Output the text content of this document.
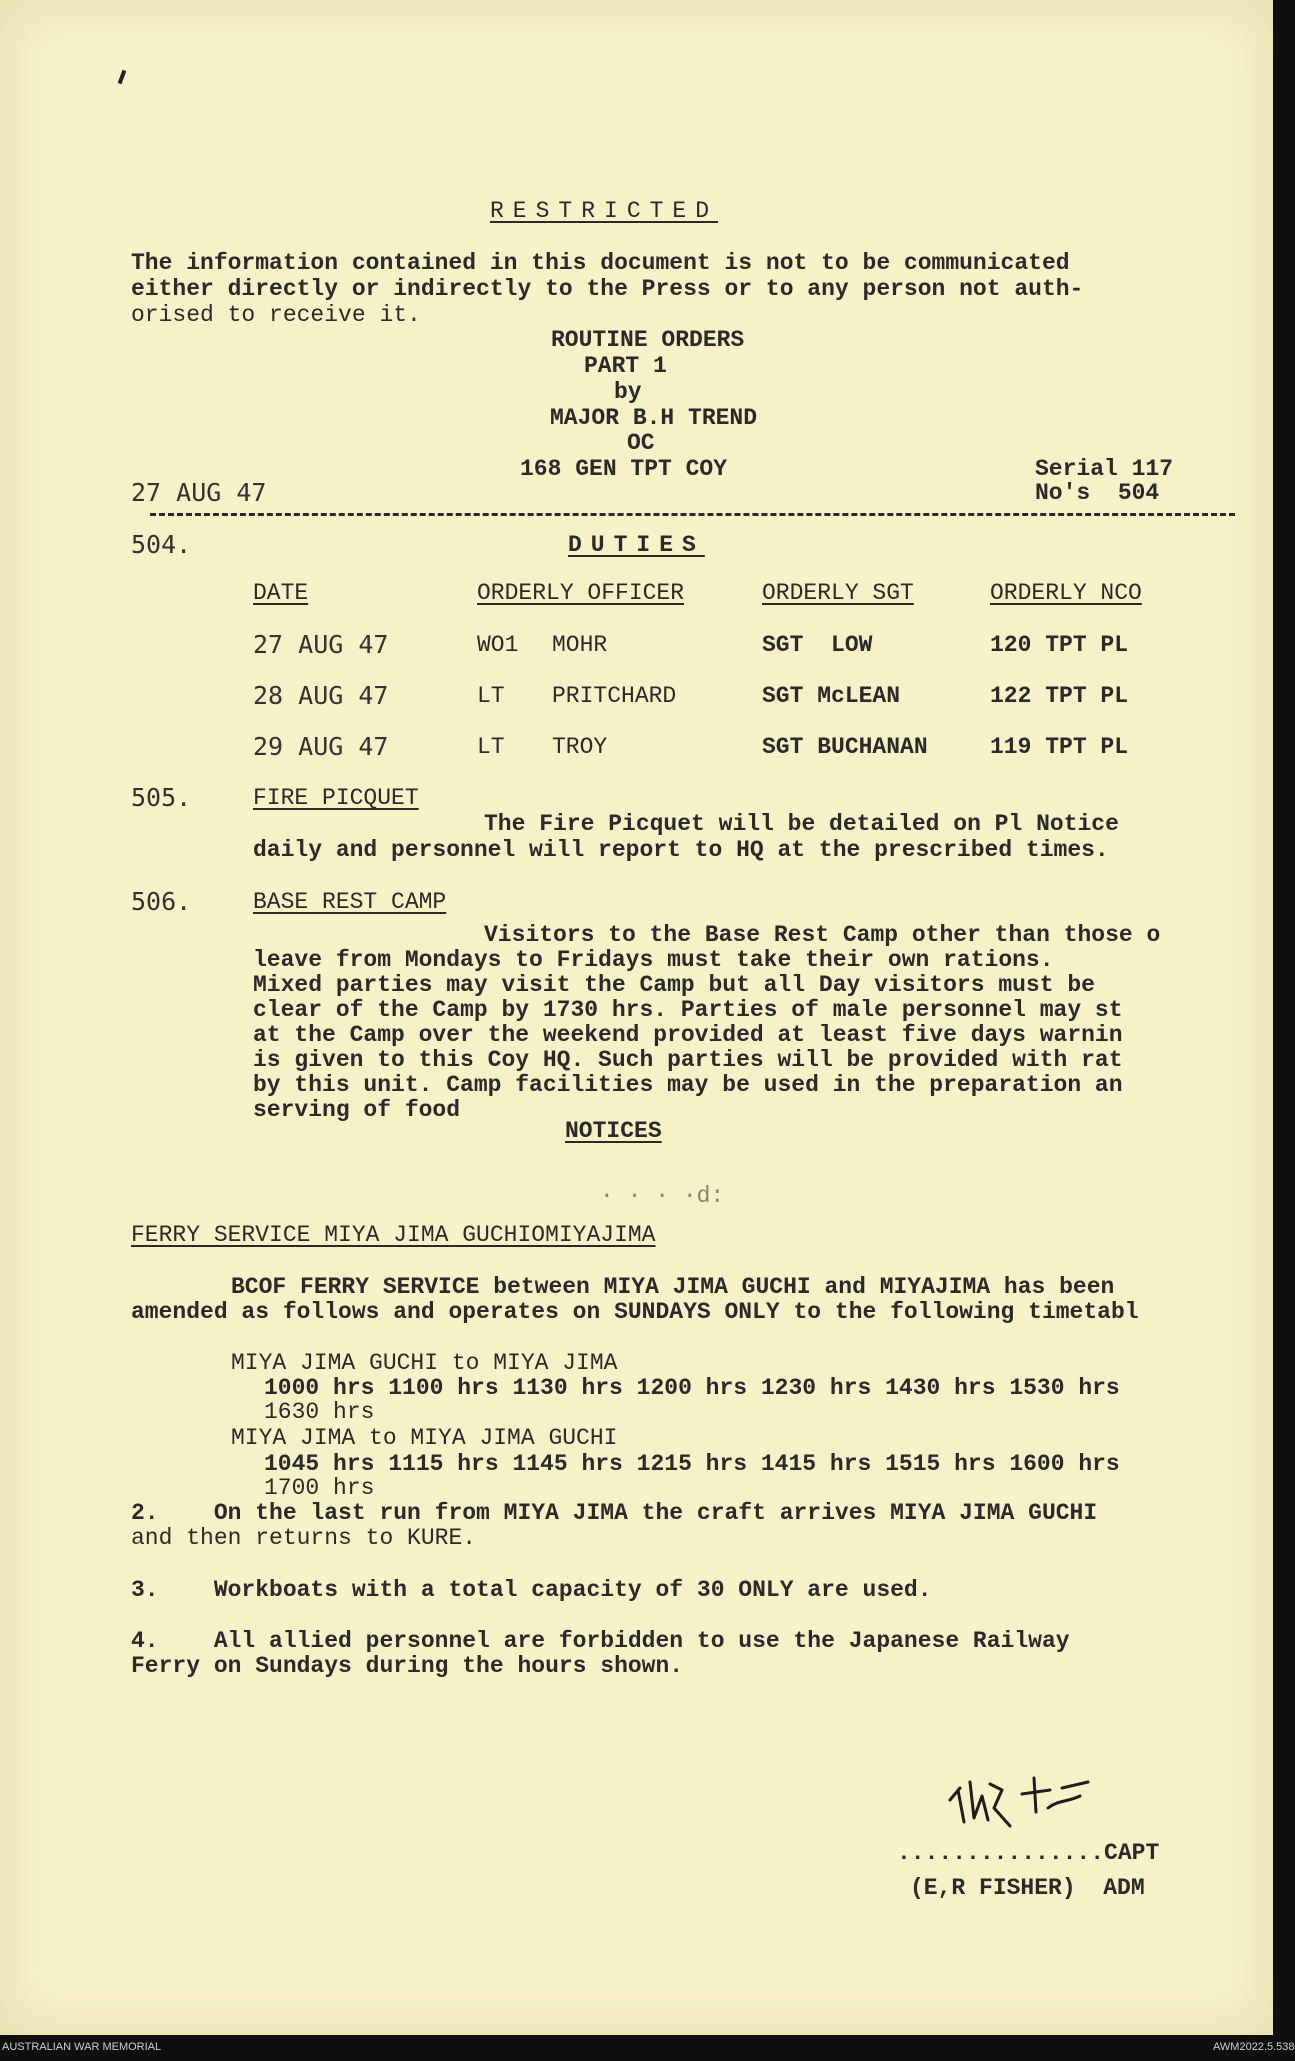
RESTRICTED
The information contained in this document is not to be communicated
either directly or indirectly to the Press or to any person not auth-
orised to receive it.
ROUTINE ORDERS
PART 1
by
MAJOR B.H TREND
OC
168 GEN TPT COY	Serial 117
27 AUG 47	No's  504
504.	DUTIES
DATE	ORDERLY OFFICER	ORDERLY SGT	ORDERLY NCO
27 AUG 47	WO1 MOHR	SGT  LOW	120 TPT PL
28 AUG 47	LT PRITCHARD	SGT McLEAN	122 TPT PL
29 AUG 47	LT TROY	SGT BUCHANAN	119 TPT PL
505.	FIRE PICQUET
The Fire Picquet will be detailed on Pl Notice
daily and personnel will report to HQ at the prescribed times.
506.	BASE REST CAMP
Visitors to the Base Rest Camp other than those o
leave from Mondays to Fridays must take their own rations.
Mixed parties may visit the Camp but all Day visitors must be
clear of the Camp by 1730 hrs. Parties of male personnel may st
at the Camp over the weekend provided at least five days warnin
is given to this Coy HQ. Such parties will be provided with rat
by this unit. Camp facilities may be used in the preparation an
serving of food
NOTICES
· · · ·d:
FERRY SERVICE MIYA JIMA GUCHIOMIYAJIMA
BCOF FERRY SERVICE between MIYA JIMA GUCHI and MIYAJIMA has been
amended as follows and operates on SUNDAYS ONLY to the following timetabl
MIYA JIMA GUCHI to MIYA JIMA
1000 hrs 1100 hrs 1130 hrs 1200 hrs 1230 hrs 1430 hrs 1530 hrs
1630 hrs
MIYA JIMA to MIYA JIMA GUCHI
1045 hrs 1115 hrs 1145 hrs 1215 hrs 1415 hrs 1515 hrs 1600 hrs
1700 hrs
2.    On the last run from MIYA JIMA the craft arrives MIYA JIMA GUCHI
and then returns to KURE.
3.    Workboats with a total capacity of 30 ONLY are used.
4.    All allied personnel are forbidden to use the Japanese Railway
Ferry on Sundays during the hours shown.
...............CAPT
(E,R FISHER)  ADM
AUSTRALIAN WAR MEMORIAL	AWM2022.5.538
